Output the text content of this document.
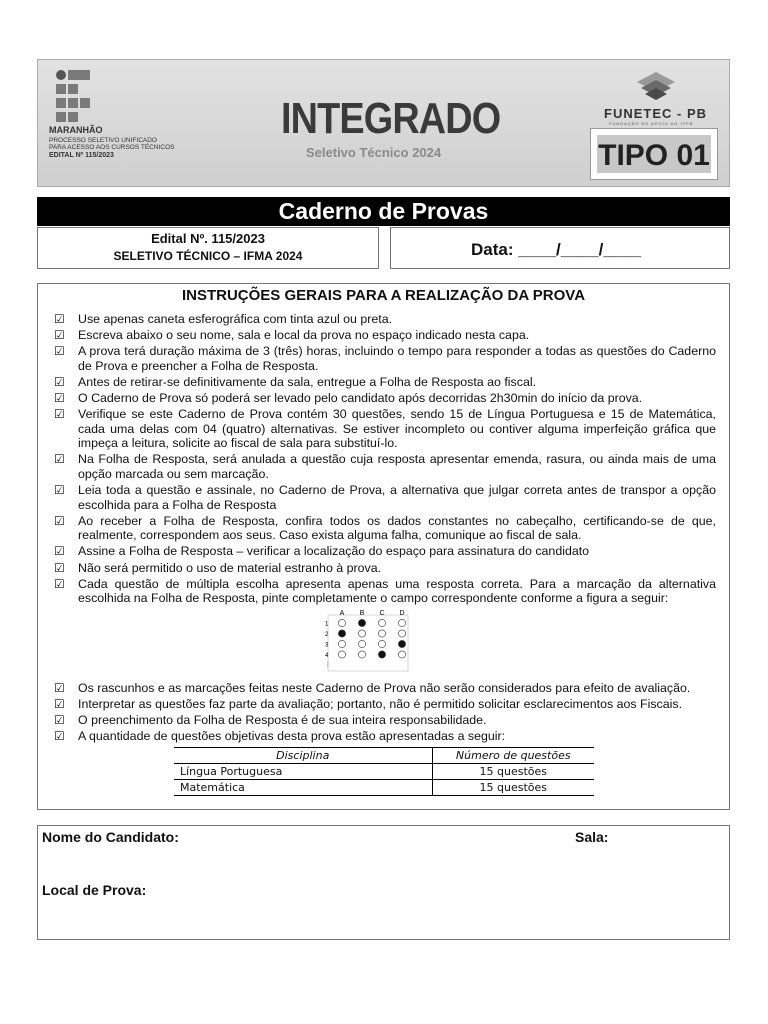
MARANHÃO
PROCESSO SELETIVO UNIFICADO
PARA ACESSO AOS CURSOS TÉCNICOS
EDITAL Nº 115/2023
INTEGRADO
Seletivo Técnico 2024
FUNETEC - PB
FUNDAÇÃO DE APOIO AO IFPB
TIPO 01
Caderno de Provas
Edital Nº. 115/2023
SELETIVO TÉCNICO – IFMA 2024	Data: ____/____/____
INSTRUÇÕES GERAIS PARA A REALIZAÇÃO DA PROVA
☑ Use apenas caneta esferográfica com tinta azul ou preta.
☑ Escreva abaixo o seu nome, sala e local da prova no espaço indicado nesta capa.
☑ A prova terá duração máxima de 3 (três) horas, incluindo o tempo para responder a todas as questões do Caderno de Prova e preencher a Folha de Resposta.
☑ Antes de retirar-se definitivamente da sala, entregue a Folha de Resposta ao fiscal.
☑ O Caderno de Prova só poderá ser levado pelo candidato após decorridas 2h30min do início da prova.
☑ Verifique se este Caderno de Prova contém 30 questões, sendo 15 de Língua Portuguesa e 15 de Matemática, cada uma delas com 04 (quatro) alternativas. Se estiver incompleto ou contiver alguma imperfeição gráfica que impeça a leitura, solicite ao fiscal de sala para substituí-lo.
☑ Na Folha de Resposta, será anulada a questão cuja resposta apresentar emenda, rasura, ou ainda mais de uma opção marcada ou sem marcação.
☑ Leia toda a questão e assinale, no Caderno de Prova, a alternativa que julgar correta antes de transpor a opção escolhida para a Folha de Resposta
☑ Ao receber a Folha de Resposta, confira todos os dados constantes no cabeçalho, certificando-se de que, realmente, correspondem aos seus. Caso exista alguma falha, comunique ao fiscal de sala.
☑ Assine a Folha de Resposta – verificar a localização do espaço para assinatura do candidato
☑ Não será permitido o uso de material estranho à prova.
☑ Cada questão de múltipla escolha apresenta apenas uma resposta correta. Para a marcação da alternativa escolhida na Folha de Resposta, pinte completamente o campo correspondente conforme a figura a seguir:
A B C D
1
2
3
4
⋮
☑ Os rascunhos e as marcações feitas neste Caderno de Prova não serão considerados para efeito de avaliação.
☑ Interpretar as questões faz parte da avaliação; portanto, não é permitido solicitar esclarecimentos aos Fiscais.
☑ O preenchimento da Folha de Resposta é de sua inteira responsabilidade.
☑ A quantidade de questões objetivas desta prova estão apresentadas a seguir:
Disciplina	Número de questões
Língua Portuguesa	15 questões
Matemática	15 questões
Nome do Candidato:	Sala:
Local de Prova:
